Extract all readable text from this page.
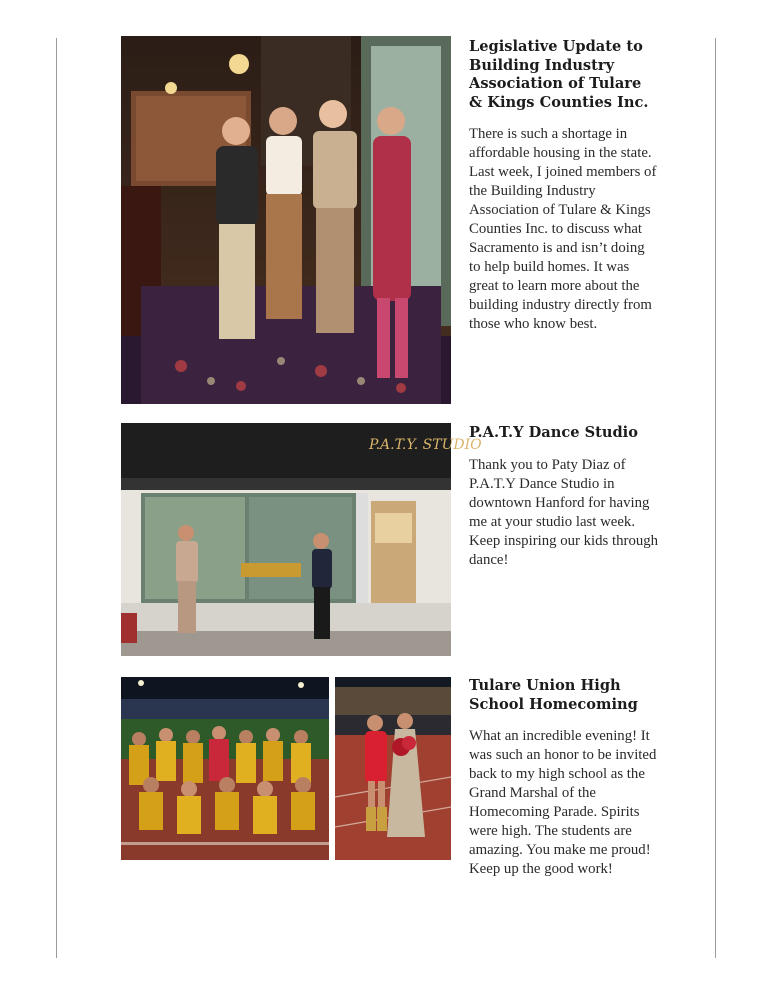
Legislative Update to Building Industry Association of Tulare & Kings Counties Inc.

There is such a shortage in affordable housing in the state. Last week, I joined members of the Building Industry Association of Tulare & Kings Counties Inc. to discuss what Sacramento is and isn’t doing to help build homes. It was great to learn more about the building industry directly from those who know best.

P.A.T.Y. STUDIO

P.A.T.Y Dance Studio

Thank you to Paty Diaz of P.A.T.Y Dance Studio in downtown Hanford for having me at your studio last week. Keep inspiring our kids through dance!

Tulare Union High School Homecoming

What an incredible evening! It was such an honor to be invited back to my high school as the Grand Marshal of the Homecoming Parade. Spirits were high. The students are amazing. You make me proud! Keep up the good work!
